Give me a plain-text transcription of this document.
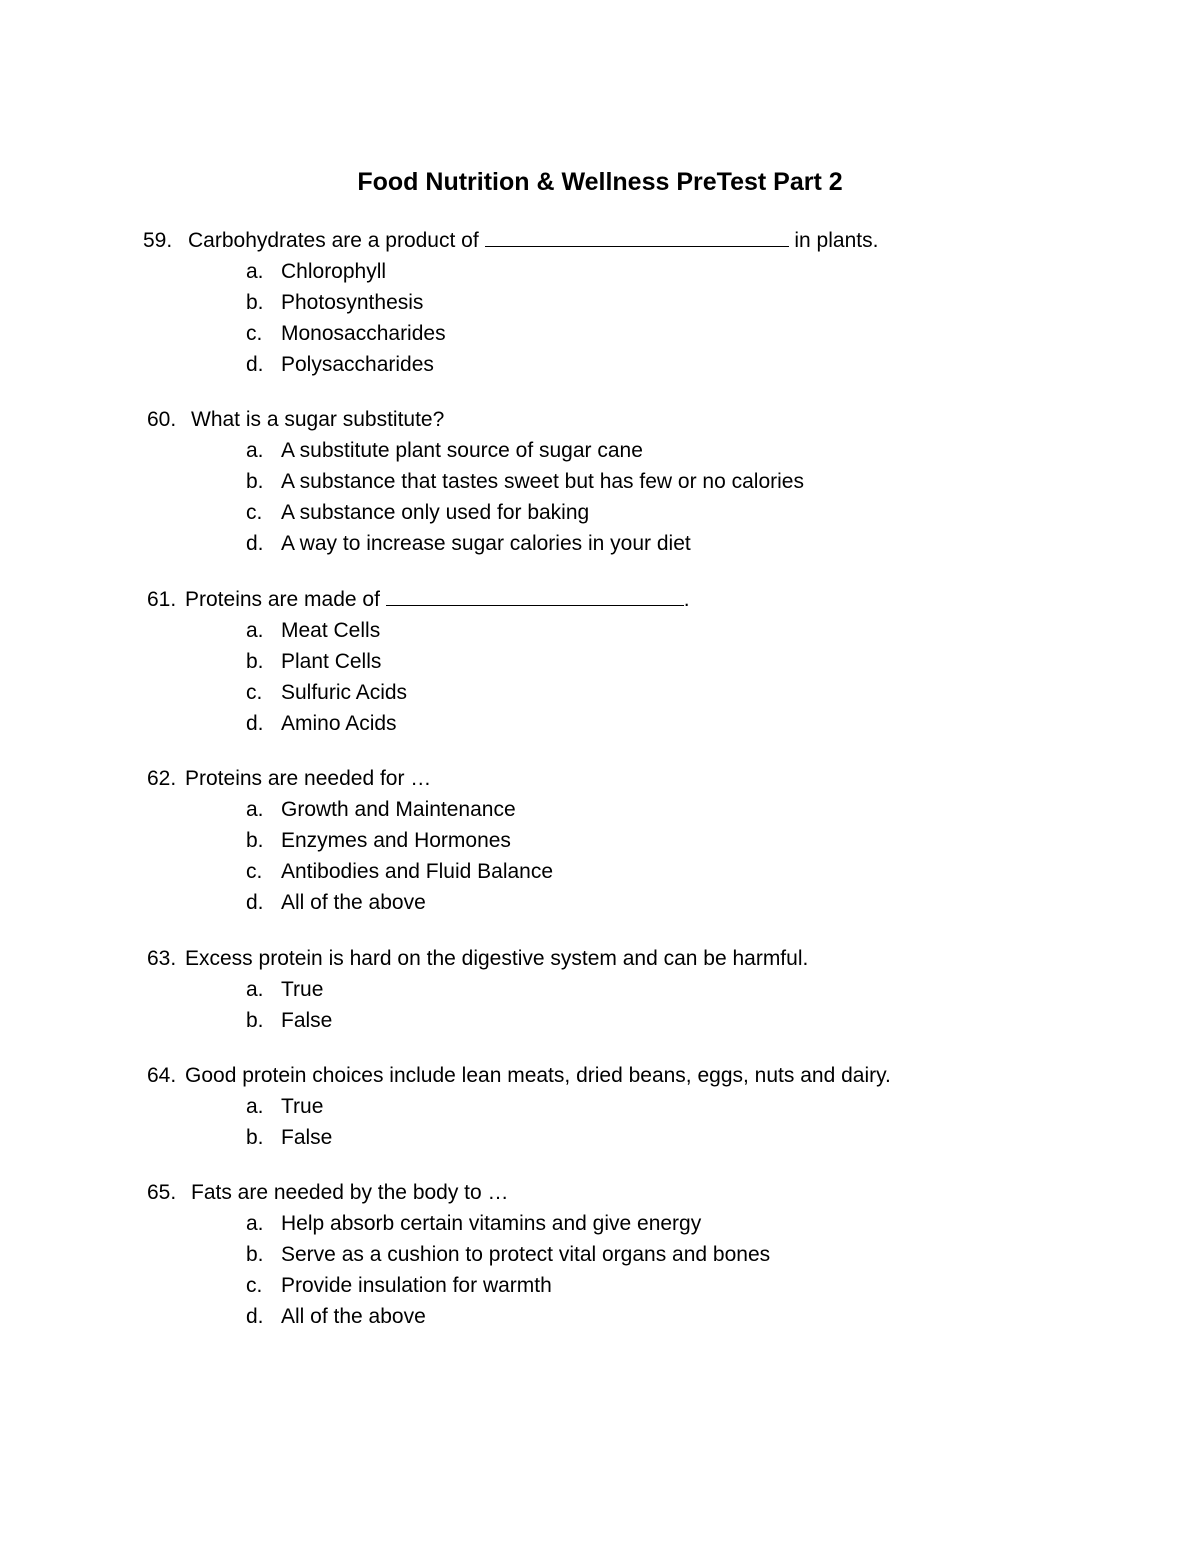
Food Nutrition & Wellness PreTest Part 2
59. Carbohydrates are a product of	in plants.
a. Chlorophyll
b. Photosynthesis
c. Monosaccharides
d. Polysaccharides
60. What is a sugar substitute?
a. A substitute plant source of sugar cane
b. A substance that tastes sweet but has few or no calories
c. A substance only used for baking
d. A way to increase sugar calories in your diet
61. Proteins are made of	.
a. Meat Cells
b. Plant Cells
c. Sulfuric Acids
d. Amino Acids
62. Proteins are needed for …
a. Growth and Maintenance
b. Enzymes and Hormones
c. Antibodies and Fluid Balance
d. All of the above
63. Excess protein is hard on the digestive system and can be harmful.
a. True
b. False
64. Good protein choices include lean meats, dried beans, eggs, nuts and dairy.
a. True
b. False
65. Fats are needed by the body to …
a. Help absorb certain vitamins and give energy
b. Serve as a cushion to protect vital organs and bones
c. Provide insulation for warmth
d. All of the above
